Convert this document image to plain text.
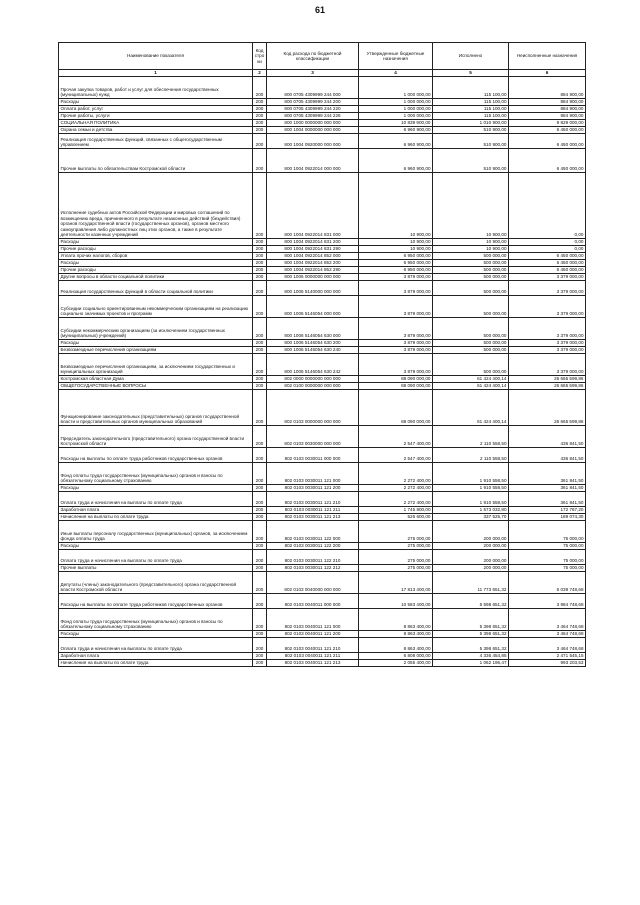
61
Наименование показателя	Код строки	Код расхода по бюджетной классификации	Утвержденные бюджетные назначения	Исполнено	Неисполненные назначения
1	2	3	4	5	6
Прочая закупка товаров, работ и услуг для обеспечения государственных (муниципальных) нужд	200	800 0705 4309999 244 000	1 000 000,00	115 100,00	884 900,00
Расходы	200	800 0705 4309999 244 200	1 000 000,00	115 100,00	884 900,00
Оплата работ, услуг	200	800 0705 4309999 244 220	1 000 000,00	115 100,00	884 900,00
Прочие работы, услуги	200	800 0705 4309999 244 226	1 000 000,00	115 100,00	884 900,00
СОЦИАЛЬНАЯ ПОЛИТИКА	200	800 1000 0000000 000 000	10 839 900,00	1 010 900,00	9 829 000,00
Охрана семьи и детства	200	800 1004 0000000 000 000	6 960 900,00	510 900,00	6 450 000,00
Реализация государственных функций, связанных с общегосударственным управлением	200	800 1004 0920000 000 000	6 960 900,00	510 900,00	6 450 000,00
Прочие выплаты по обязательствам Костромской области	200	800 1004 0922014 000 000	6 960 900,00	510 900,00	6 450 000,00
Исполнение судебных актов Российской Федерации и мировых соглашений по возмещению вреда, причиненного в результате незаконных действий (бездействия) органов государственной власти (государственных органов), органов местного самоуправления либо должностных лиц этих органов, а также в результате деятельности казенных учреждений	200	800 1004 0922014 831 000	10 900,00	10 900,00	0,00
Расходы	200	800 1004 0922014 831 200	10 900,00	10 900,00	0,00
Прочие расходы	200	800 1004 0922014 831 290	10 900,00	10 900,00	0,00
Уплата прочих налогов, сборов	200	800 1004 0922014 852 000	6 950 000,00	500 000,00	6 450 000,00
Расходы	200	800 1004 0922014 852 200	6 950 000,00	500 000,00	6 450 000,00
Прочие расходы	200	800 1004 0922014 852 290	6 950 000,00	500 000,00	6 450 000,00
Другие вопросы в области социальной политики	200	800 1006 0000000 000 000	3 879 000,00	500 000,00	3 379 000,00
Реализация государственных функций в области социальной политики	200	800 1006 5140000 000 000	3 879 000,00	500 000,00	3 379 000,00
Субсидии социально ориентированным некоммерческим организациям на реализацию социально значимых проектов и программ	200	800 1006 5146054 000 000	3 879 000,00	500 000,00	3 379 000,00
Субсидии некоммерческим организациям (за исключением государственных (муниципальных) учреждений)	200	800 1006 5146054 630 000	3 879 000,00	500 000,00	3 379 000,00
Расходы	200	800 1006 5146054 630 200	3 879 000,00	500 000,00	3 379 000,00
Безвозмездные перечисления организациям	200	800 1006 5146054 630 240	3 879 000,00	500 000,00	3 379 000,00
Безвозмездные перечисления организациям, за исключением государственных и муниципальных организаций	200	800 1006 5146054 630 242	3 879 000,00	500 000,00	3 379 000,00
Костромская областная Дума	200	802 0000 0000000 000 000	88 090 000,00	61 424 400,14	26 665 599,86
ОБЩЕГОСУДАРСТВЕННЫЕ ВОПРОСЫ	200	802 0100 0000000 000 000	88 090 000,00	61 424 400,14	26 665 599,86
Функционирование законодательных (представительных) органов государственной власти и представительных органов муниципальных образований	200	802 0103 0000000 000 000	88 090 000,00	61 424 400,14	26 665 599,86
Председатель законодательного (представительного) органа государственной власти Костромской области	200	802 0103 0030000 000 000	2 547 400,00	2 110 558,50	436 841,50
Расходы на выплаты по оплате труда работников государственных органов	200	802 0103 0030011 000 000	2 547 400,00	2 110 558,50	436 841,50
Фонд оплаты труда государственных (муниципальных) органов и взносы по обязательному социальному страхованию	200	802 0103 0030011 121 000	2 272 400,00	1 910 558,50	361 841,50
Расходы	200	802 0103 0030011 121 200	2 272 400,00	1 910 558,50	361 841,50
Оплата труда и начисления на выплаты по оплате труда	200	802 0103 0030011 121 210	2 272 400,00	1 910 558,50	361 841,50
Заработная плата	200	802 0103 0030011 121 211	1 745 800,00	1 573 032,80	172 767,20
Начисления на выплаты по оплате труда	200	802 0103 0030011 121 213	526 600,00	337 525,70	189 074,30
Иные выплаты персоналу государственных (муниципальных) органов, за исключением фонда оплаты труда	200	802 0103 0030011 122 000	275 000,00	200 000,00	75 000,00
Расходы	200	802 0103 0030011 122 200	275 000,00	200 000,00	75 000,00
Оплата труда и начисления на выплаты по оплате труда	200	802 0103 0030011 122 210	275 000,00	200 000,00	75 000,00
Прочие выплаты	200	802 0103 0030011 122 212	275 000,00	200 000,00	75 000,00
Депутаты (члены) законодательного (представительного) органа государственной власти Костромской области	200	802 0103 0040000 000 000	17 813 400,00	11 773 651,32	6 039 748,68
Расходы на выплаты по оплате труда работников государственных органов	200	802 0103 0040011 000 000	10 583 400,00	6 598 651,32	3 984 748,68
Фонд оплаты труда государственных (муниципальных) органов и взносы по обязательному социальному страхованию	200	802 0103 0040011 121 000	8 863 400,00	5 398 651,32	3 464 748,68
Расходы	200	802 0103 0040011 121 200	8 863 400,00	5 398 651,32	3 464 748,68
Оплата труда и начисления на выплаты по оплате труда	200	802 0103 0040011 121 210	8 863 400,00	5 398 651,32	3 464 748,68
Заработная плата	200	802 0103 0040011 121 211	6 808 000,00	4 336 454,85	2 471 545,15
Начисления на выплаты по оплате труда	200	802 0103 0040011 121 213	2 055 400,00	1 062 196,47	993 203,53
